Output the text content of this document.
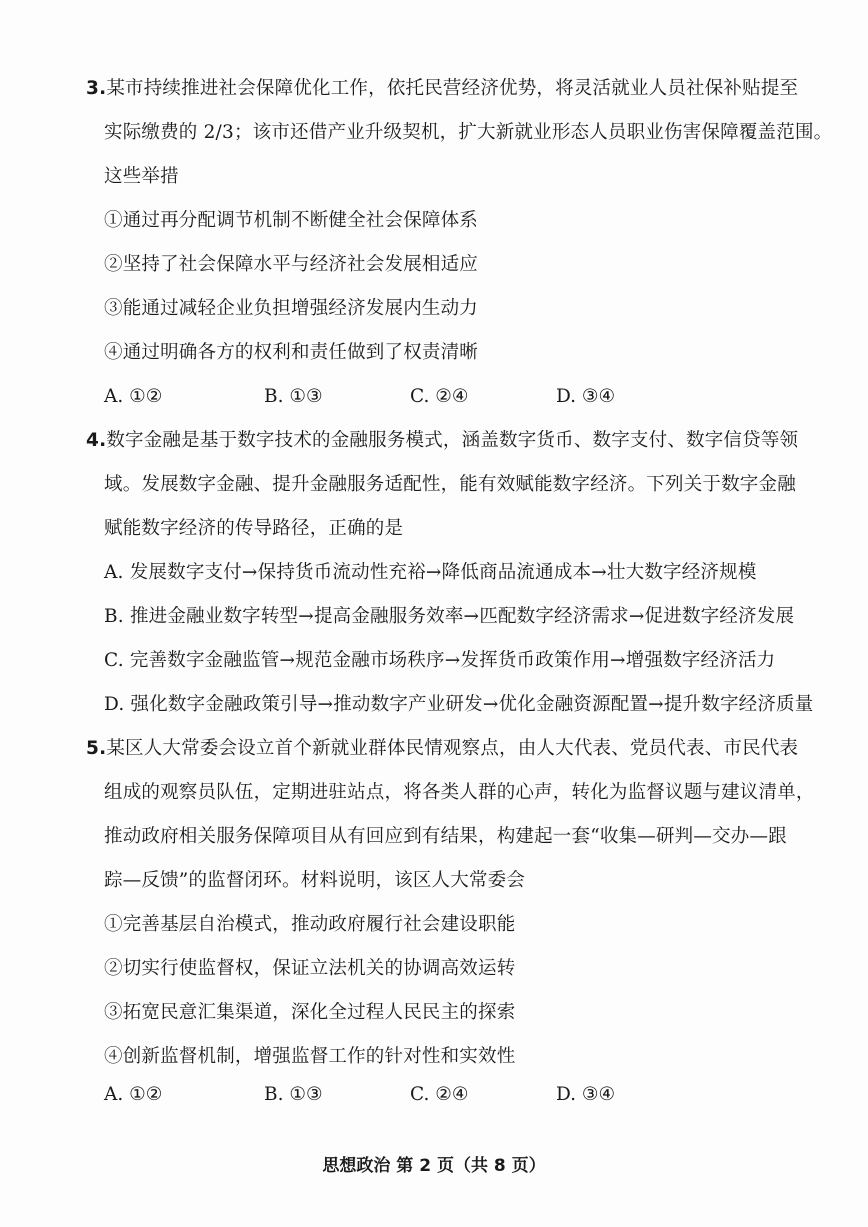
3.某市持续推进社会保障优化工作，依托民营经济优势，将灵活就业人员社保补贴提至
实际缴费的 2/3；该市还借产业升级契机，扩大新就业形态人员职业伤害保障覆盖范围。
这些举措
①通过再分配调节机制不断健全社会保障体系
②坚持了社会保障水平与经济社会发展相适应
③能通过减轻企业负担增强经济发展内生动力
④通过明确各方的权利和责任做到了权责清晰
A. ①②	B. ①③	C. ②④	D. ③④
4.数字金融是基于数字技术的金融服务模式，涵盖数字货币、数字支付、数字信贷等领
域。发展数字金融、提升金融服务适配性，能有效赋能数字经济。下列关于数字金融
赋能数字经济的传导路径，正确的是
A. 发展数字支付→保持货币流动性充裕→降低商品流通成本→壮大数字经济规模
B. 推进金融业数字转型→提高金融服务效率→匹配数字经济需求→促进数字经济发展
C. 完善数字金融监管→规范金融市场秩序→发挥货币政策作用→增强数字经济活力
D. 强化数字金融政策引导→推动数字产业研发→优化金融资源配置→提升数字经济质量
5.某区人大常委会设立首个新就业群体民情观察点，由人大代表、党员代表、市民代表
组成的观察员队伍，定期进驻站点，将各类人群的心声，转化为监督议题与建议清单，
推动政府相关服务保障项目从有回应到有结果，构建起一套“收集—研判—交办—跟
踪—反馈”的监督闭环。材料说明，该区人大常委会
①完善基层自治模式，推动政府履行社会建设职能
②切实行使监督权，保证立法机关的协调高效运转
③拓宽民意汇集渠道，深化全过程人民民主的探索
④创新监督机制，增强监督工作的针对性和实效性
A. ①②	B. ①③	C. ②④	D. ③④
思想政治 第 2 页（共 8 页）
